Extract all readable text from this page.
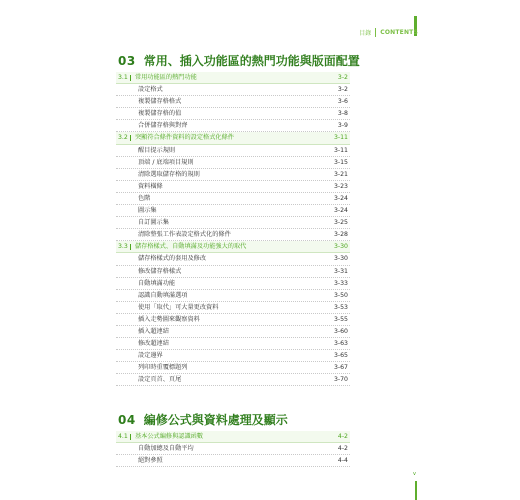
目錄 CONTENTS
03 常用、插入功能區的熱門功能與版面配置
3.1 常用功能區的熱門功能	3-2
設定格式	3-2
複製儲存格格式	3-6
複製儲存格的值	3-8
合併儲存格與對齊	3-9
3.2 突顯符合條件資料的設定格式化條件	3-11
醒目提示規則	3-11
頂端 / 底端項目規則	3-15
清除選取儲存格的規則	3-21
資料橫條	3-23
色階	3-24
圖示集	3-24
自訂圖示集	3-25
清除整張工作表設定格式化的條件	3-28
3.3 儲存格樣式、自動填滿及功能強大的取代	3-30
儲存格樣式的套用及修改	3-30
修改儲存格樣式	3-31
自動填滿功能	3-33
認識自動填滿選項	3-50
使用「取代」可大量更改資料	3-53
插入走勢圖來觀察資料	3-55
插入超連結	3-60
修改超連結	3-63
設定邊界	3-65
列印時重覆標題列	3-67
設定頁首、頁尾	3-70
04 編修公式與資料處理及顯示
4.1 基本公式編修與認識函數	4-2
自動加總及自動平均	4-2
絕對參照	4-4
v
